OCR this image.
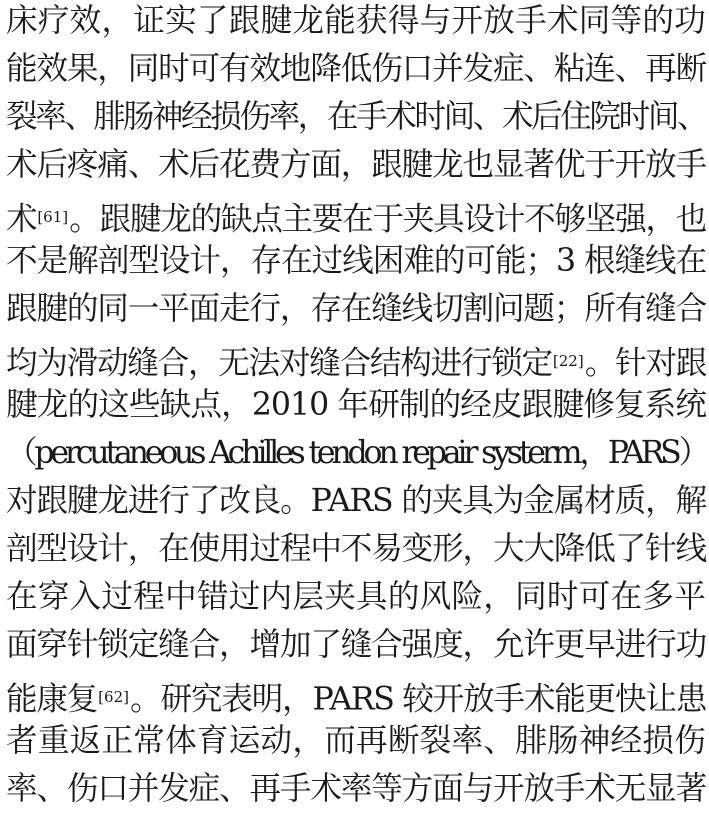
床疗效，证实了跟腱龙能获得与开放手术同等的功
能效果，同时可有效地降低伤口并发症、粘连、再断
裂率、腓肠神经损伤率，在手术时间、术后住院时间、
术后疼痛、术后花费方面，跟腱龙也显著优于开放手
术[61]。跟腱龙的缺点主要在于夹具设计不够坚强，也
不是解剖型设计，存在过线困难的可能；3 根缝线在
跟腱的同一平面走行，存在缝线切割问题；所有缝合
均为滑动缝合，无法对缝合结构进行锁定[22]。针对跟
腱龙的这些缺点，2010 年研制的经皮跟腱修复系统
（percutaneous Achilles tendon repair systerm，PARS）
对跟腱龙进行了改良。PARS 的夹具为金属材质，解
剖型设计，在使用过程中不易变形，大大降低了针线
在穿入过程中错过内层夹具的风险，同时可在多平
面穿针锁定缝合，增加了缝合强度，允许更早进行功
能康复[62]。研究表明，PARS 较开放手术能更快让患
者重返正常体育运动，而再断裂率、腓肠神经损伤
率、伤口并发症、再手术率等方面与开放手术无显著
